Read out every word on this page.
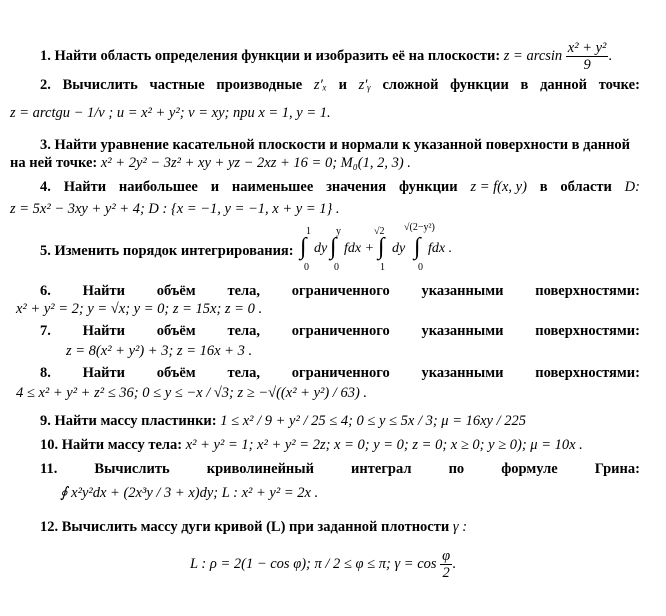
1. Найти область определения функции и изобразить её на плоскости: $z = \arcsin \frac{\text{x² + y²}}{9}$ .
2. Вычислить частные производные z′ₓ и z′ᵧ сложной функции в данной точке:
z = arctgu − 1/v ; u = x² + y²; v = xy; при x = 1, y = 1.
3. Найти уравнение касательной плоскости и нормали к указанной поверхности в данной
на ней точке: x² + 2y² − 3z² + xy + yz − 2xz + 16 = 0; M₀(1, 2, 3) .
4. Найти наибольшее и наименьшее значения функции z = f(x, y) в области D:
z = 5x² − 3xy + y² + 4; D : {x = −1, y = −1, x + y = 1} .
5. Изменить порядок интегрирования: ∫
1
0
dy ∫
y
0
fdx + ∫
√2
1
dy ∫
√(2−y²)
0
fdx .
6. Найти объём тела, ограниченного указанными поверхностями:
x² + y² = 2; y = √x; y = 0; z = 15x; z = 0 .
7. Найти объём тела, ограниченного указанными поверхностями:
z = 8(x² + y²) + 3; z = 16x + 3 .
8. Найти объём тела, ограниченного указанными поверхностями:
4 ≤ x² + y² + z² ≤ 36; 0 ≤ y ≤ −x / √3; z ≥ −√((x² + y²) / 63) .
9. Найти массу пластинки: 1 ≤ x² / 9 + y² / 25 ≤ 4; 0 ≤ y ≤ 5x / 3; μ = 16xy / 225
10. Найти массу тела: x² + y² = 1; x² + y² = 2z; x = 0; y = 0; z = 0; x ≥ 0; y ≥ 0); μ = 10x .
11.	Вычислить	криволинейный	интеграл	по	формуле	Грина:
∮ x²y²dx + (2x³y / 3 + x)dy; L : x² + y² = 2x .
12. Вычислить массу дуги кривой (L) при заданной плотности γ :
L : ρ = 2(1 − cos φ); π / 2 ≤ φ ≤ π; $\gamma = \cos \frac{\varphi}{2}$ .
